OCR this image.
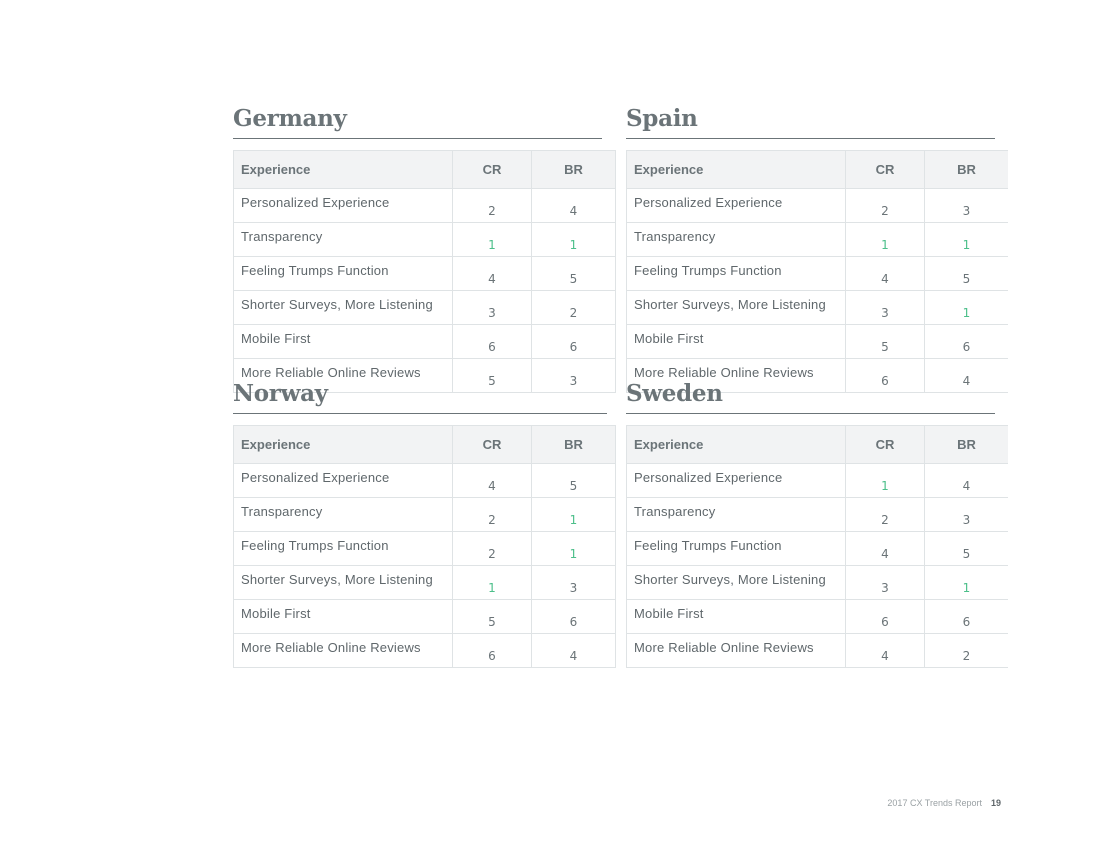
Germany
Experience	CR	BR
Personalized Experience	2	4
Transparency	1	1
Feeling Trumps Function	4	5
Shorter Surveys, More Listening	3	2
Mobile First	6	6
More Reliable Online Reviews	5	3
Spain
Experience	CR	BR
Personalized Experience	2	3
Transparency	1	1
Feeling Trumps Function	4	5
Shorter Surveys, More Listening	3	1
Mobile First	5	6
More Reliable Online Reviews	6	4
Norway
Experience	CR	BR
Personalized Experience	4	5
Transparency	2	1
Feeling Trumps Function	2	1
Shorter Surveys, More Listening	1	3
Mobile First	5	6
More Reliable Online Reviews	6	4
Sweden
Experience	CR	BR
Personalized Experience	1	4
Transparency	2	3
Feeling Trumps Function	4	5
Shorter Surveys, More Listening	3	1
Mobile First	6	6
More Reliable Online Reviews	4	2
2017 CX Trends Report 19
